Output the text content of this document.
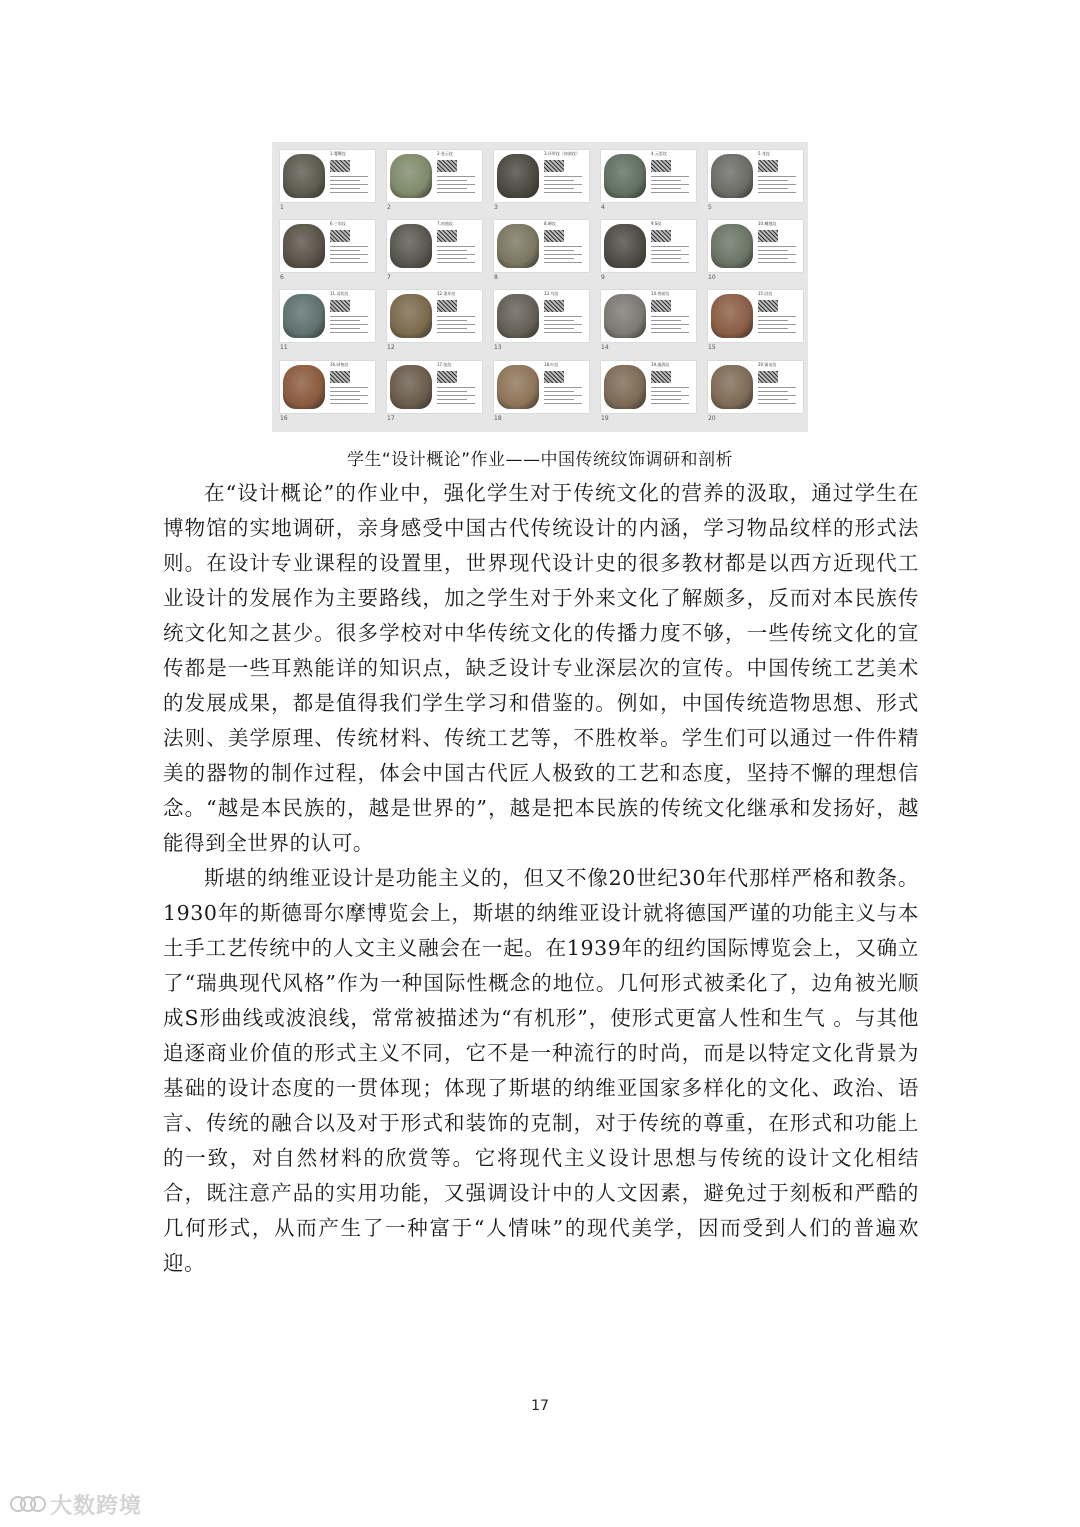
1.饕餮纹
1
2.卷云纹
2
3.环带纹（窃曲纹）
3
4.云雷纹
4
5.龙纹
5
6.三角纹
6
7.窃曲纹
7
8.蝉纹
8
9.S纹
9
10.蟠虺纹
10
11.羽状纹
11
12.重环纹
12
13.鸟纹
13
14.兽面纹
14
15.回纹
15
16.网格纹
16
17.弦纹
17
18.叶纹
18
19.漩涡纹
19
20.锯齿纹
20
学生“设计概论”作业——中国传统纹饰调研和剖析

在“设计概论”的作业中，强化学生对于传统文化的营养的汲取，通过学生在博物馆的实地调研，亲身感受中国古代传统设计的内涵，学习物品纹样的形式法则。在设计专业课程的设置里，世界现代设计史的很多教材都是以西方近现代工业设计的发展作为主要路线，加之学生对于外来文化了解颇多，反而对本民族传统文化知之甚少。很多学校对中华传统文化的传播力度不够，一些传统文化的宣传都是一些耳熟能详的知识点，缺乏设计专业深层次的宣传。中国传统工艺美术的发展成果，都是值得我们学生学习和借鉴的。例如，中国传统造物思想、形式法则、美学原理、传统材料、传统工艺等，不胜枚举。学生们可以通过一件件精美的器物的制作过程，体会中国古代匠人极致的工艺和态度，坚持不懈的理想信念。“越是本民族的，越是世界的”，越是把本民族的传统文化继承和发扬好，越能得到全世界的认可。

斯堪的纳维亚设计是功能主义的，但又不像20世纪30年代那样严格和教条。1930年的斯德哥尔摩博览会上，斯堪的纳维亚设计就将德国严谨的功能主义与本土手工艺传统中的人文主义融会在一起。在1939年的纽约国际博览会上，又确立了“瑞典现代风格”作为一种国际性概念的地位。几何形式被柔化了，边角被光顺成S形曲线或波浪线，常常被描述为“有机形”，使形式更富人性和生气 。与其他追逐商业价值的形式主义不同，它不是一种流行的时尚，而是以特定文化背景为基础的设计态度的一贯体现；体现了斯堪的纳维亚国家多样化的文化、政治、语言、传统的融合以及对于形式和装饰的克制，对于传统的尊重，在形式和功能上的一致，对自然材料的欣赏等。它将现代主义设计思想与传统的设计文化相结合，既注意产品的实用功能，又强调设计中的人文因素，避免过于刻板和严酷的几何形式，从而产生了一种富于“人情味”的现代美学，因而受到人们的普遍欢迎。

17
大数跨境
